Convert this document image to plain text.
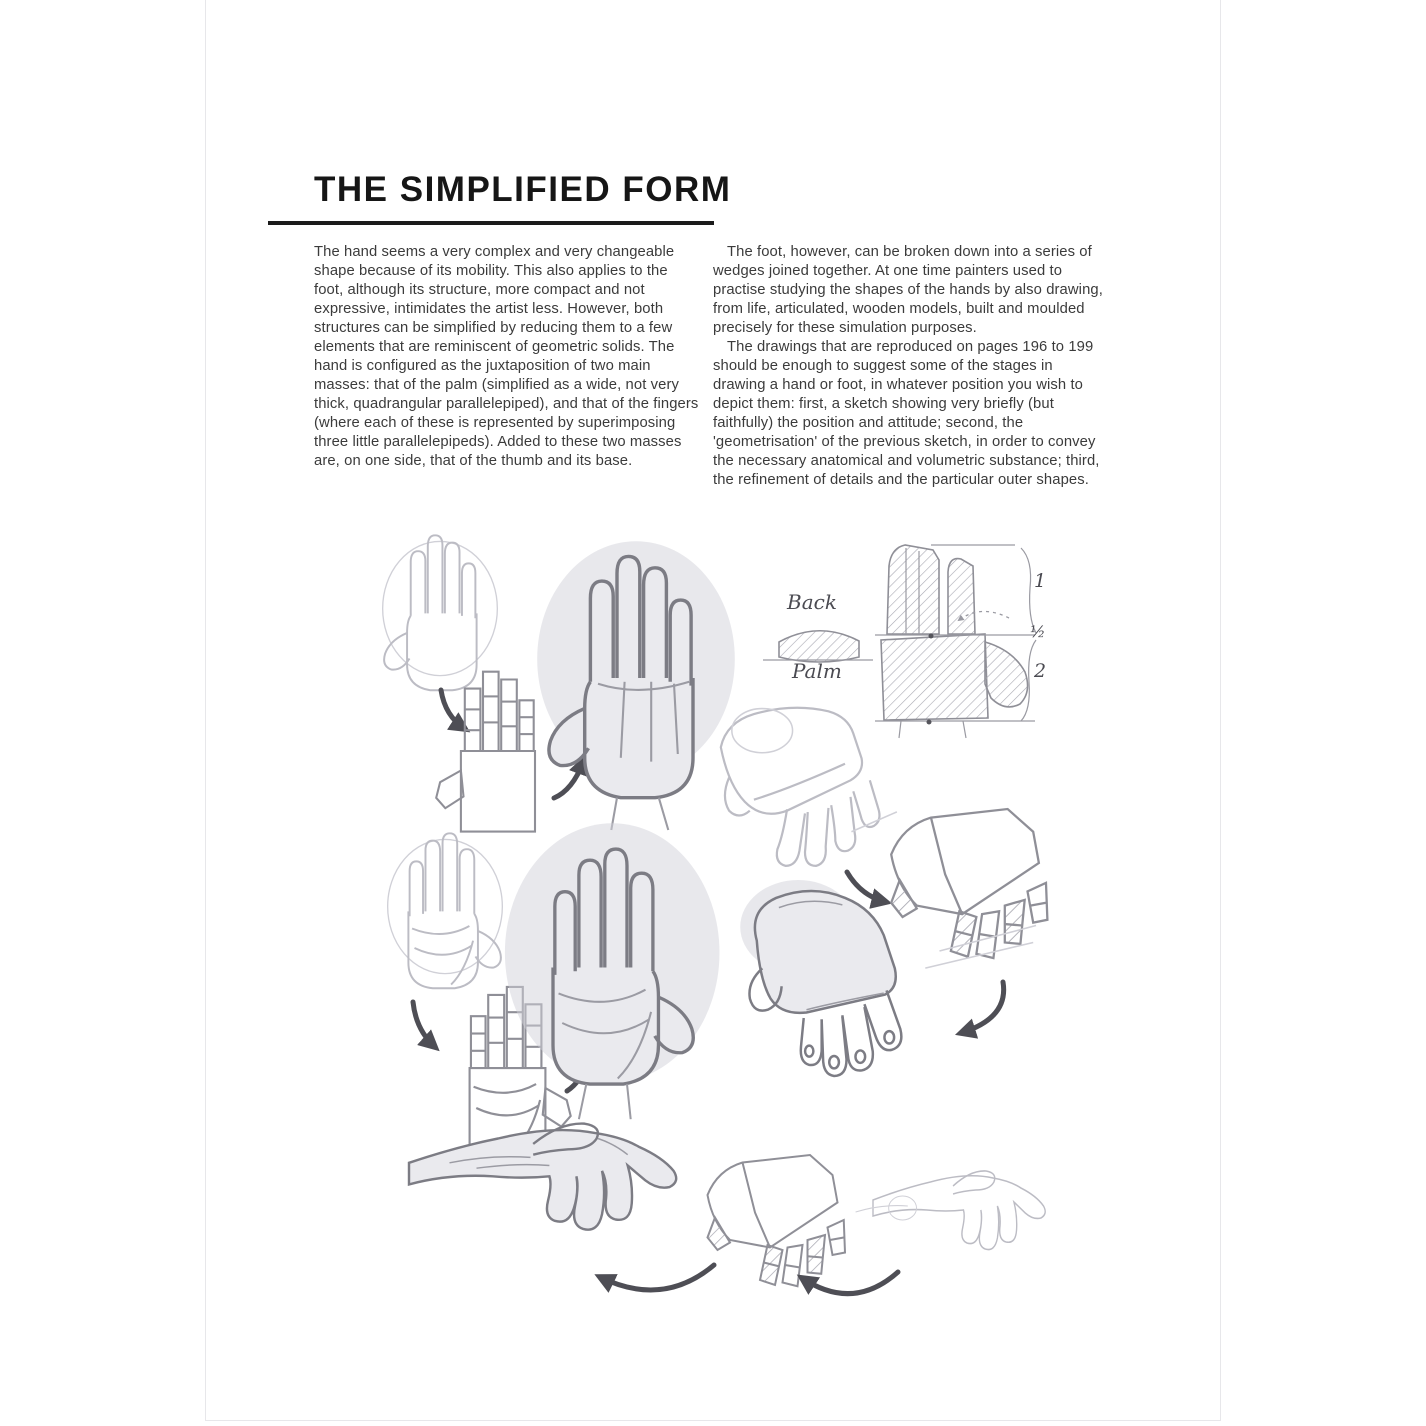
THE SIMPLIFIED FORM

The hand seems a very complex and very changeable shape because of its mobility. This also applies to the foot, although its structure, more compact and not expressive, intimidates the artist less. However, both structures can be simplified by reducing them to a few elements that are reminiscent of geometric solids. The hand is configured as the juxtaposition of two main masses: that of the palm (simplified as a wide, not very thick, quadrangular parallelepiped), and that of the fingers (where each of these is represented by superimposing three little parallelepipeds). Added to these two masses are, on one side, that of the thumb and its base.

The foot, however, can be broken down into a series of wedges joined together. At one time painters used to practise studying the shapes of the hands by also drawing, from life, articulated, wooden models, built and moulded precisely for these simulation purposes.

The drawings that are reproduced on pages 196 to 199 should be enough to suggest some of the stages in drawing a hand or foot, in whatever position you wish to depict them: first, a sketch showing very briefly (but faithfully) the position and attitude; second, the 'geometrisation' of the previous sketch, in order to convey the necessary anatomical and volumetric substance; third, the refinement of details and the particular outer shapes.

Back
Palm
1
½
2
